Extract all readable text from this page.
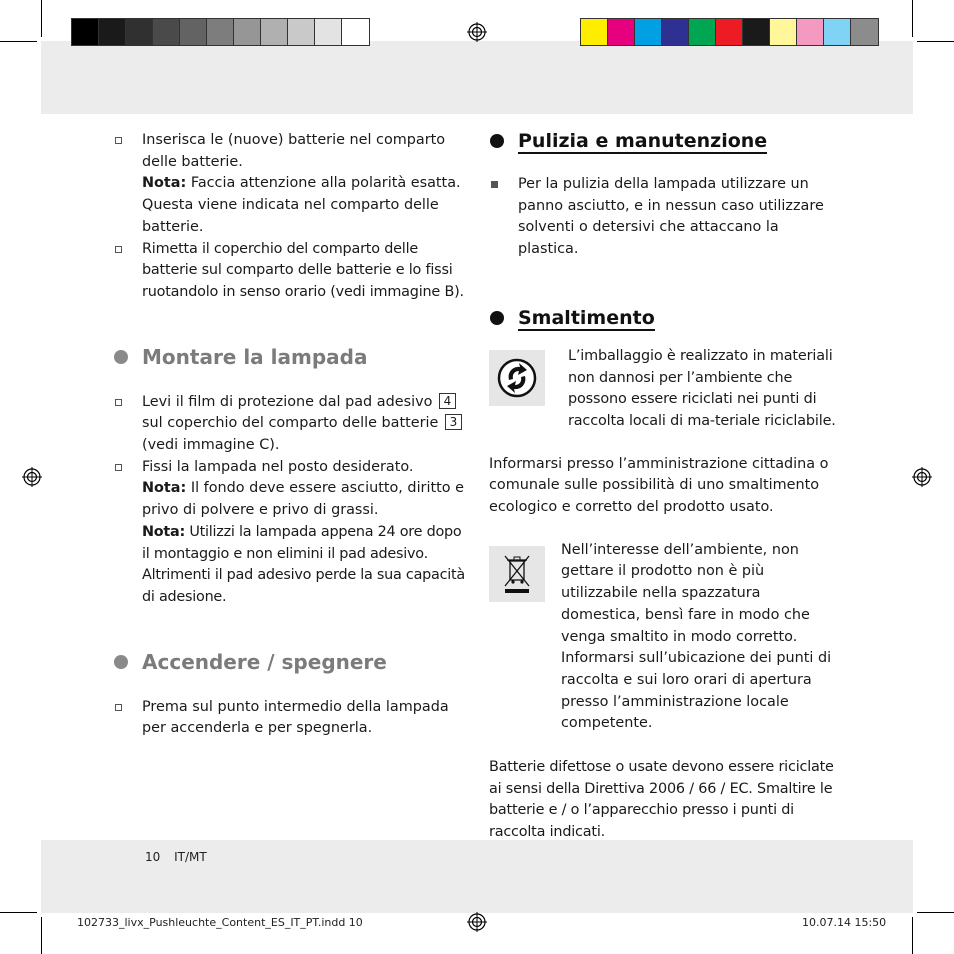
Inserisca le (nuove) batterie nel comparto delle batterie.
Nota: Faccia attenzione alla polarità esatta. Questa viene indicata nel comparto delle batterie.
Rimetta il coperchio del comparto delle batterie sul comparto delle batterie e lo fissi ruotandolo in senso orario (vedi immagine B).
Montare la lampada
Levi il film di protezione dal pad adesivo 4 sul coperchio del comparto delle batterie 3 (vedi immagine C).
Fissi la lampada nel posto desiderato.
Nota: Il fondo deve essere asciutto, diritto e privo di polvere e privo di grassi.
Nota: Utilizzi la lampada appena 24 ore dopo il montaggio e non elimini il pad adesivo. Altrimenti il pad adesivo perde la sua capacità di adesione.
Accendere / spegnere
Prema sul punto intermedio della lampada per accenderla e per spegnerla.
Pulizia e manutenzione
Per la pulizia della lampada utilizzare un panno asciutto, e in nessun caso utilizzare solventi o detersivi che attaccano la plastica.
Smaltimento
L’imballaggio è realizzato in materiali non dannosi per l’ambiente che possono essere riciclati nei punti di raccolta locali di ma-teriale riciclabile.
Informarsi presso l’amministrazione cittadina o comunale sulle possibilità di uno smaltimento ecologico e corretto del prodotto usato.
Nell’interesse dell’ambiente, non gettare il prodotto non è più utilizzabile nella spazzatura domestica, bensì fare in modo che venga smaltito in modo corretto. Informarsi sull’ubicazione dei punti di raccolta e sui loro orari di apertura presso l’amministrazione locale competente.
Batterie difettose o usate devono essere riciclate ai sensi della Direttiva 2006 / 66 / EC. Smaltire le batterie e / o l’apparecchio presso i punti di raccolta indicati.
10 IT/MT
102733_livx_Pushleuchte_Content_ES_IT_PT.indd 10	10.07.14 15:50
